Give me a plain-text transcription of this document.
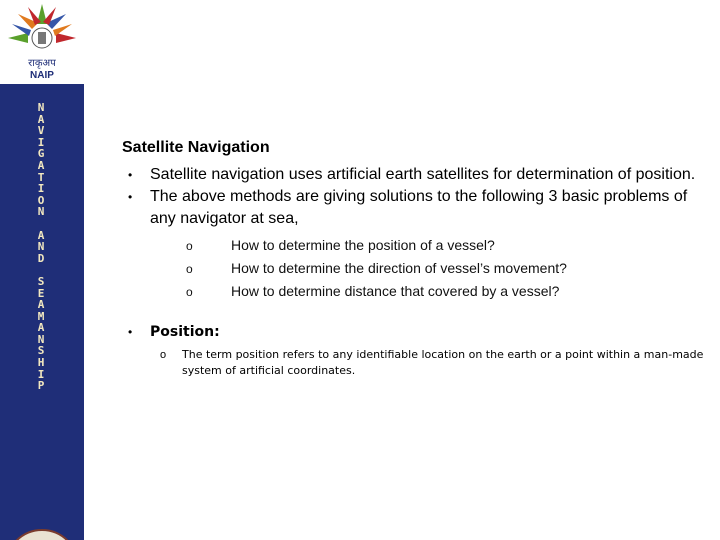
राकृअप
NAIP
N
A
V
I
G
A
T
I
O
N
A
N
D
S
E
A
M
A
N
S
H
I
P
Satellite Navigation
• Satellite navigation uses artificial earth satellites for determination of position.
• The above methods are giving solutions to the following 3 basic problems of any navigator at sea,
o	How to determine the position of a vessel?
o	How to determine the direction of vessel’s movement?
o	How to determine distance that covered by a vessel?
• Position:
o The term position refers to any identifiable location on the earth or a point within a man-made system of artificial coordinates.
